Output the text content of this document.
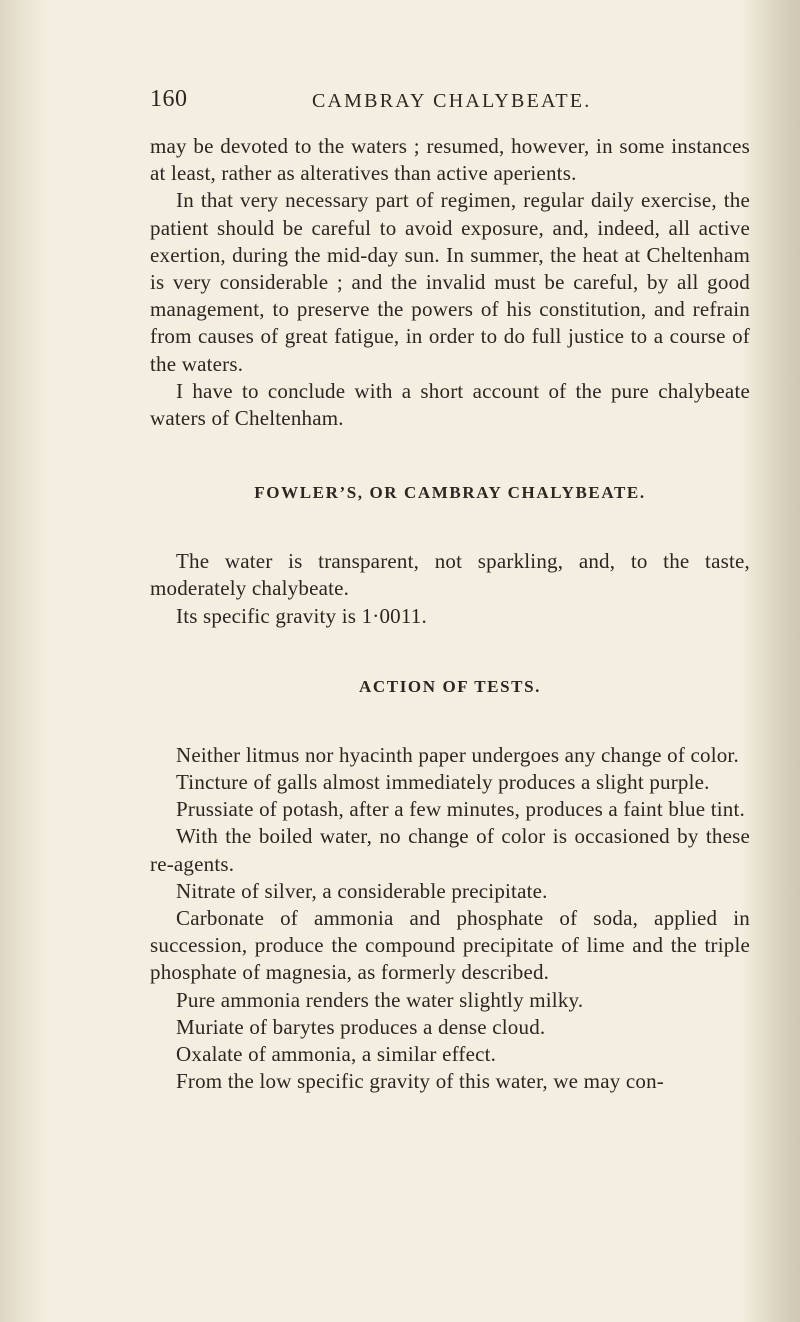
160	CAMBRAY CHALYBEATE.

may be devoted to the waters ; resumed, however, in some instances at least, rather as alteratives than active aperients.

In that very necessary part of regimen, regular daily exercise, the patient should be careful to avoid exposure, and, indeed, all active exertion, during the mid-day sun. In summer, the heat at Cheltenham is very considerable ; and the invalid must be careful, by all good management, to preserve the powers of his constitution, and refrain from causes of great fatigue, in order to do full justice to a course of the waters.

I have to conclude with a short account of the pure chalybeate waters of Cheltenham.

FOWLER’S, OR CAMBRAY CHALYBEATE.

The water is transparent, not sparkling, and, to the taste, moderately chalybeate.

Its specific gravity is 1·0011.

ACTION OF TESTS.

Neither litmus nor hyacinth paper undergoes any change of color.

Tincture of galls almost immediately produces a slight purple.

Prussiate of potash, after a few minutes, produces a faint blue tint.

With the boiled water, no change of color is occasioned by these re-agents.

Nitrate of silver, a considerable precipitate.

Carbonate of ammonia and phosphate of soda, applied in succession, produce the compound precipitate of lime and the triple phosphate of magnesia, as formerly described.

Pure ammonia renders the water slightly milky.

Muriate of barytes produces a dense cloud.

Oxalate of ammonia, a similar effect.

From the low specific gravity of this water, we may con-
